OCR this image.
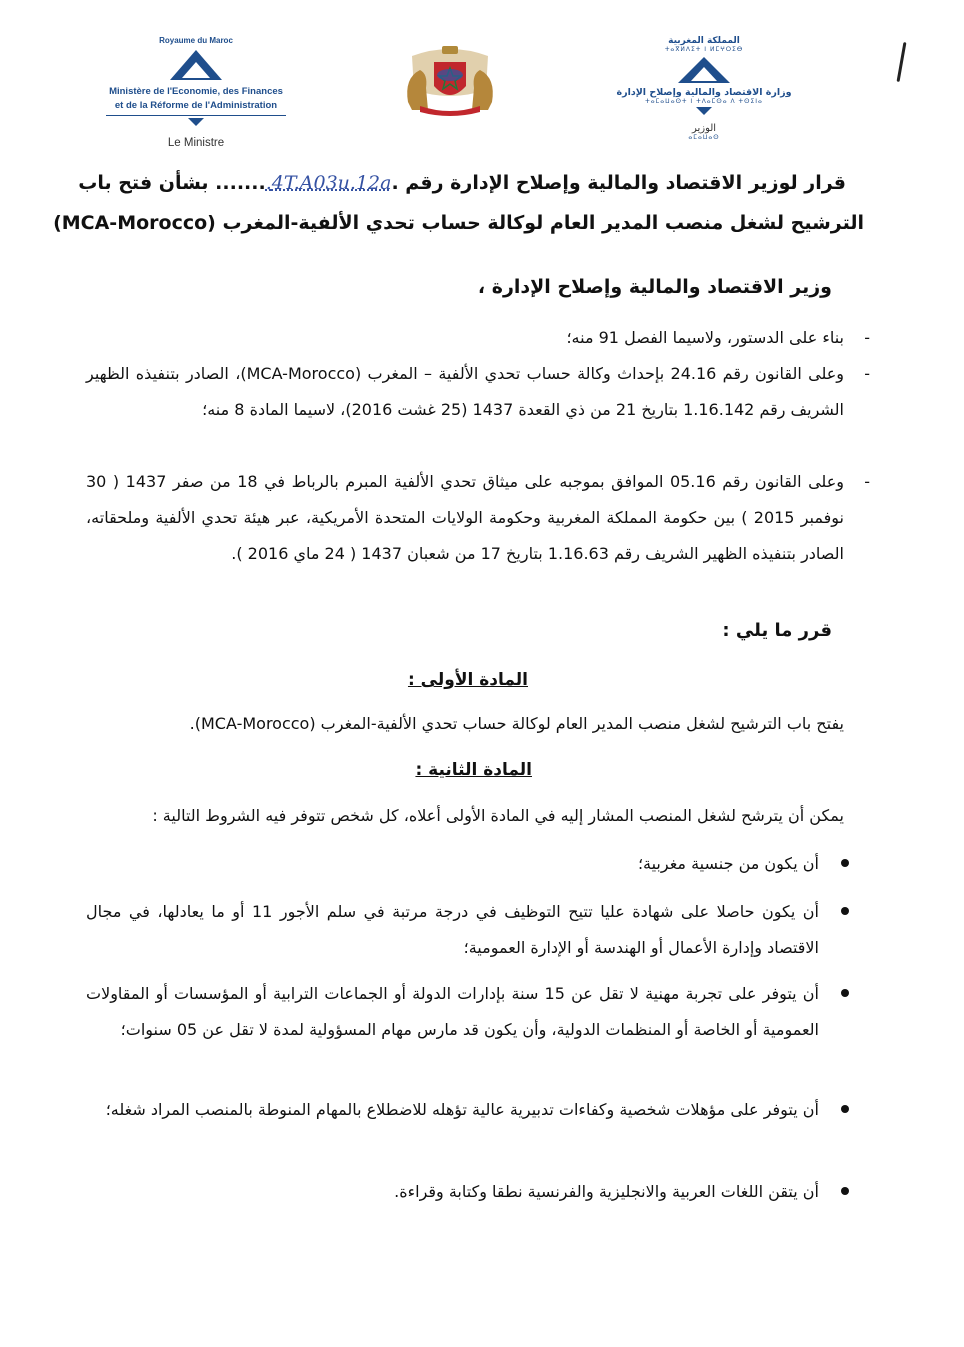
Royaume du Maroc
Ministère de l'Economie, des Finances
et de la Réforme de l'Administration
Le Ministre
المملكة المغربية
ⵜⴰⴳⵍⴷⵉⵜ ⵏ ⵍⵎⵖⵔⵉⴱ
وزارة الاقتصاد والمالية وإصلاح الإدارة
ⵜⴰⵎⴰⵡⴰⵙⵜ ⵏ ⵜⴷⴰⵎⵙⴰ ⴷ ⵜⵙⵉⵏⴰ
الوزير
ⴰⵎⴰⵡⴰⵙ
قرار لوزير الاقتصاد والمالية وإصلاح الإدارة رقم .4T.A03u.12a........ بشأن فتح باب
الترشيح لشغل منصب المدير العام لوكالة حساب تحدي الألفية-المغرب (MCA-Morocco)
وزير الاقتصاد والمالية وإصلاح الإدارة ،
-
بناء على الدستور، ولاسيما الفصل 91 منه؛
-
وعلى القانون رقم 24.16 بإحداث وكالة حساب تحدي الألفية – المغرب (MCA-Morocco)، الصادر بتنفيذه الظهير الشريف رقم 1.16.142 بتاريخ 21 من ذي القعدة 1437 (25 غشت 2016)، لاسيما المادة 8 منه؛
-
وعلى القانون رقم 05.16 الموافق بموجبه على ميثاق تحدي الألفية المبرم بالرباط في 18 من صفر 1437 ( 30 نوفمبر 2015 ) بين حكومة المملكة المغربية وحكومة الولايات المتحدة الأمريكية، عبر هيئة تحدي الألفية وملحقاته، الصادر بتنفيذه الظهير الشريف رقم 1.16.63 بتاريخ 17 من شعبان 1437 ( 24 ماي 2016 ).
قرر ما يلي :
المادة الأولى :
يفتح باب الترشيح لشغل منصب المدير العام لوكالة حساب تحدي الألفية-المغرب (MCA-Morocco).
المادة الثانية :
يمكن أن يترشح لشغل المنصب المشار إليه في المادة الأولى أعلاه، كل شخص تتوفر فيه الشروط التالية :
أن يكون من جنسية مغربية؛
أن يكون حاصلا على شهادة عليا تتيح التوظيف في درجة مرتبة في سلم الأجور 11 أو ما يعادلها، في مجال الاقتصاد وإدارة الأعمال أو الهندسة أو الإدارة العمومية؛
أن يتوفر على تجربة مهنية لا تقل عن 15 سنة بإدارات الدولة أو الجماعات الترابية أو المؤسسات أو المقاولات العمومية أو الخاصة أو المنظمات الدولية، وأن يكون قد مارس مهام المسؤولية لمدة لا تقل عن 05 سنوات؛
أن يتوفر على مؤهلات شخصية وكفاءات تدبيرية عالية تؤهله للاضطلاع بالمهام المنوطة بالمنصب المراد شغله؛
أن يتقن اللغات العربية والانجليزية والفرنسية نطقا وكتابة وقراءة.
